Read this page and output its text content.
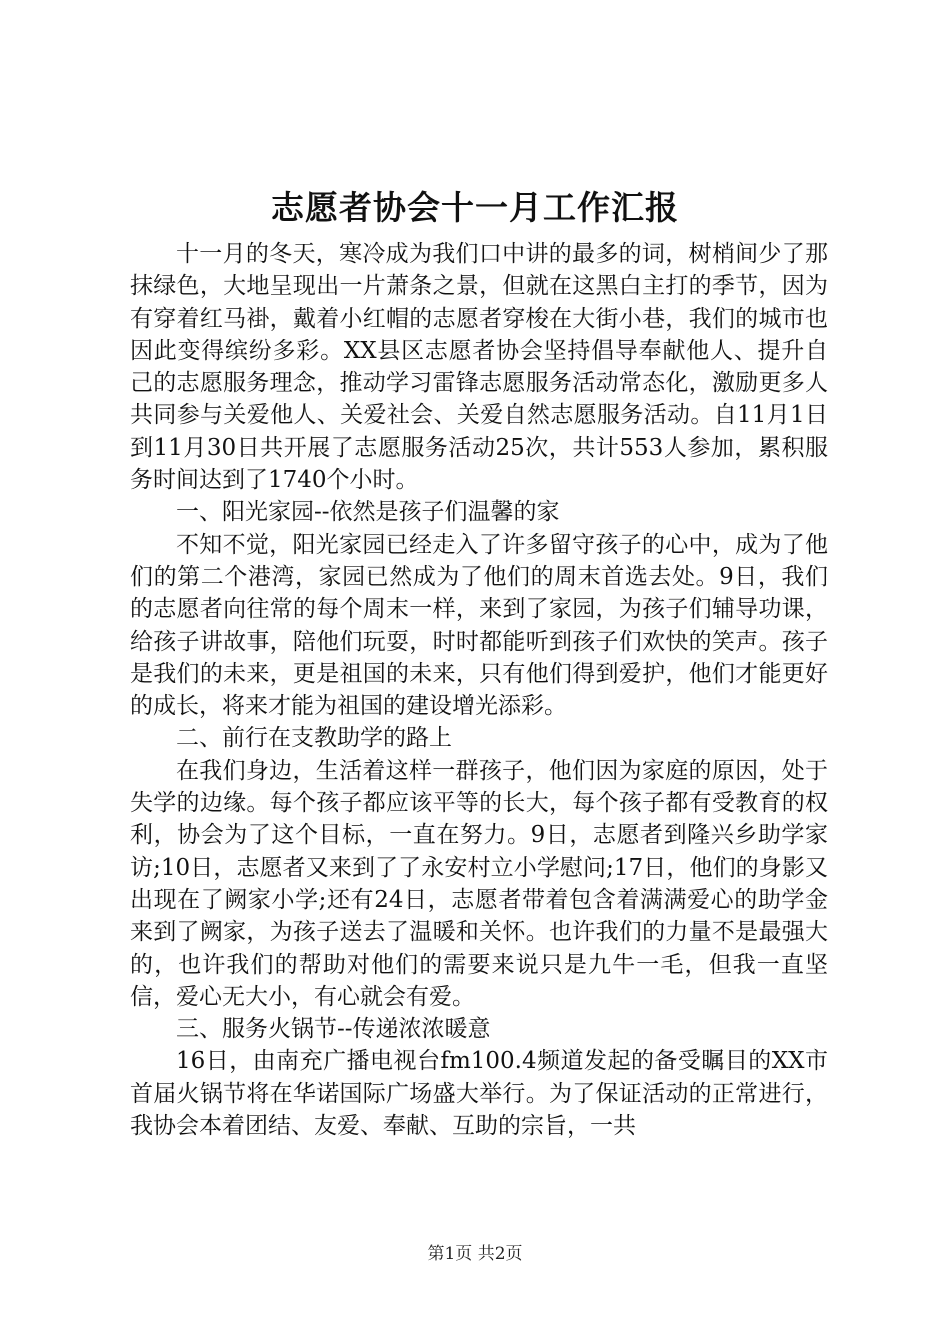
志愿者协会十一月工作汇报

十一月的冬天，寒冷成为我们口中讲的最多的词，树梢间少了那抹绿色，大地呈现出一片萧条之景，但就在这黑白主打的季节，因为有穿着红马褂，戴着小红帽的志愿者穿梭在大街小巷，我们的城市也因此变得缤纷多彩。XX县区志愿者协会坚持倡导奉献他人、提升自己的志愿服务理念，推动学习雷锋志愿服务活动常态化，激励更多人共同参与关爱他人、关爱社会、关爱自然志愿服务活动。自11月1日到11月30日共开展了志愿服务活动25次，共计553人参加，累积服务时间达到了1740个小时。

一、阳光家园--依然是孩子们温馨的家

不知不觉，阳光家园已经走入了许多留守孩子的心中，成为了他们的第二个港湾，家园已然成为了他们的周末首选去处。9日，我们的志愿者向往常的每个周末一样，来到了家园，为孩子们辅导功课，给孩子讲故事，陪他们玩耍，时时都能听到孩子们欢快的笑声。孩子是我们的未来，更是祖国的未来，只有他们得到爱护，他们才能更好的成长，将来才能为祖国的建设增光添彩。

二、前行在支教助学的路上

在我们身边，生活着这样一群孩子，他们因为家庭的原因，处于失学的边缘。每个孩子都应该平等的长大，每个孩子都有受教育的权利，协会为了这个目标，一直在努力。9日，志愿者到隆兴乡助学家访;10日，志愿者又来到了了永安村立小学慰问;17日，他们的身影又出现在了阙家小学;还有24日，志愿者带着包含着满满爱心的助学金来到了阙家，为孩子送去了温暖和关怀。也许我们的力量不是最强大的，也许我们的帮助对他们的需要来说只是九牛一毛，但我一直坚信，爱心无大小，有心就会有爱。

三、服务火锅节--传递浓浓暖意

16日，由南充广播电视台fm100.4频道发起的备受瞩目的XX市首届火锅节将在华诺国际广场盛大举行。为了保证活动的正常进行，我协会本着团结、友爱、奉献、互助的宗旨，一共

第1页 共2页
